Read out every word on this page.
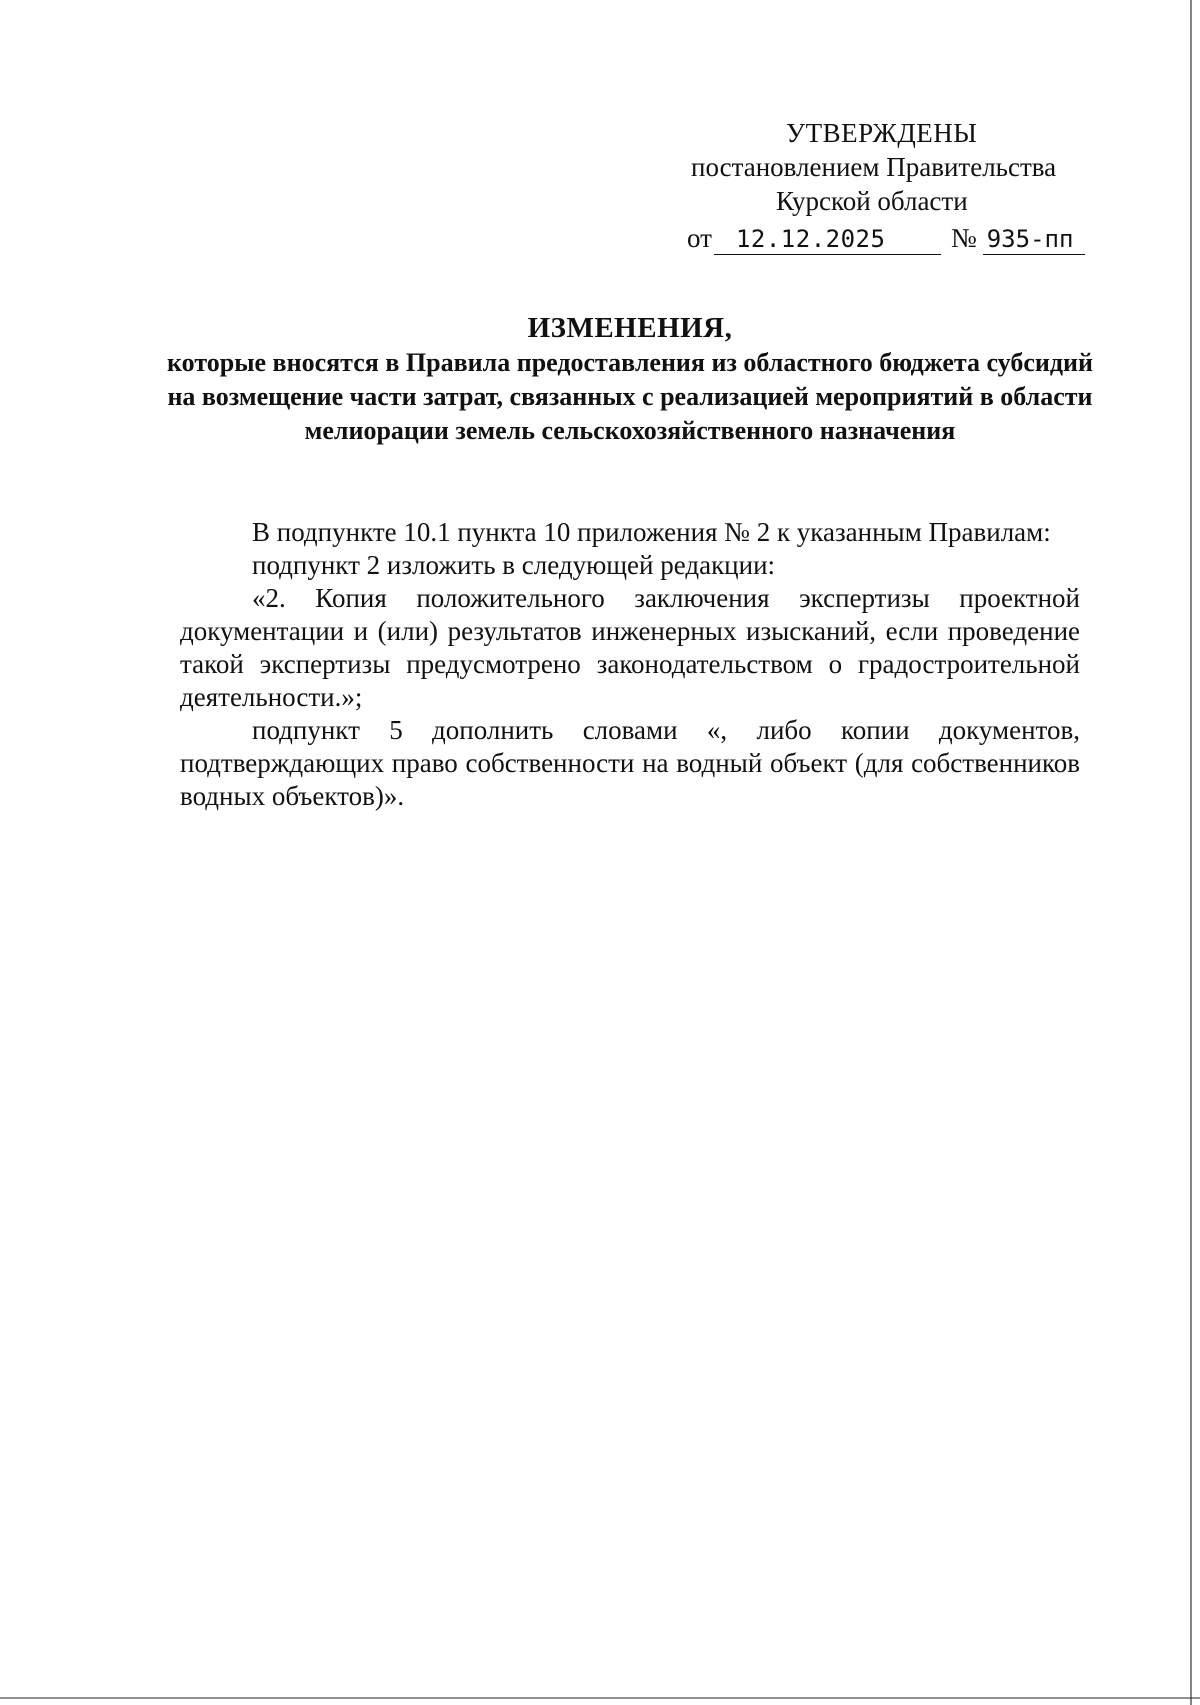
УТВЕРЖДЕНЫ
постановлением Правительства
Курской области
от	12.12.2025	№ 935-пп
ИЗМЕНЕНИЯ,
которые вносятся в Правила предоставления из областного бюджета субсидий на возмещение части затрат, связанных с реализацией мероприятий в области мелиорации земель сельскохозяйственного назначения

В подпункте 10.1 пункта 10 приложения № 2 к указанным Правилам:

подпункт 2 изложить в следующей редакции:

«2. Копия положительного заключения экспертизы проектной документации и (или) результатов инженерных изысканий, если проведение такой экспертизы предусмотрено законодательством о градостроительной деятельности.»;

подпункт 5 дополнить словами «, либо копии документов, подтверждающих право собственности на водный объект (для собственников водных объектов)».
